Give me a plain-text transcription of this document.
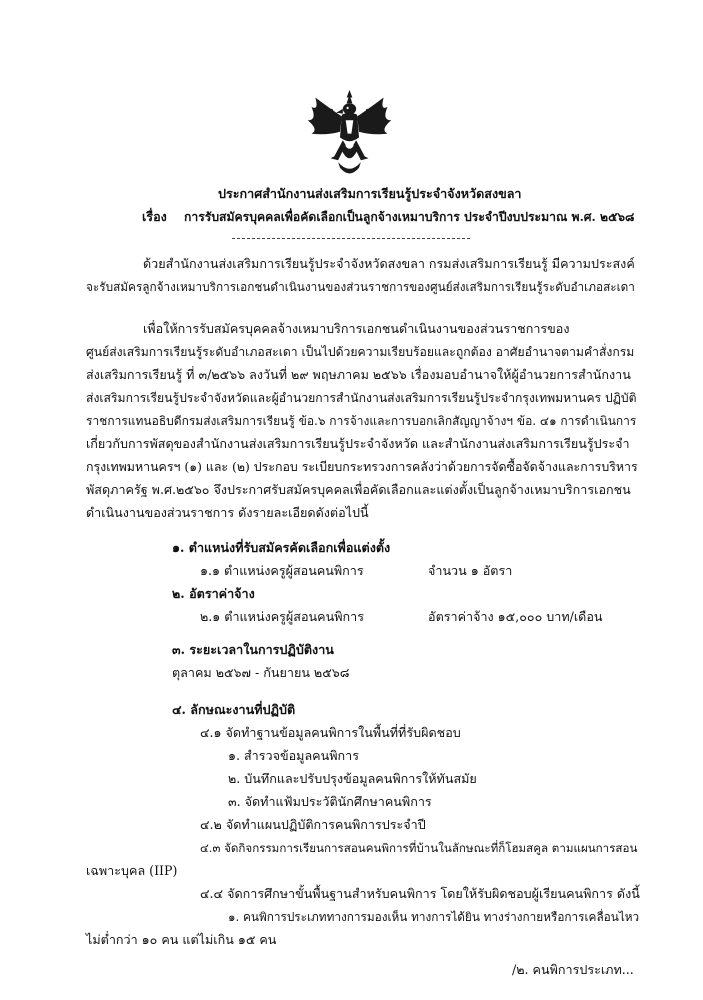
ประกาศสำนักงานส่งเสริมการเรียนรู้ประจำจังหวัดสงขลา
เรื่อง การรับสมัครบุคคลเพื่อคัดเลือกเป็นลูกจ้างเหมาบริการ ประจำปีงบประมาณ พ.ศ. ๒๕๖๘
ด้วยสำนักงานส่งเสริมการเรียนรู้ประจำจังหวัดสงขลา กรมส่งเสริมการเรียนรู้ มีความประสงค์
จะรับสมัครลูกจ้างเหมาบริการเอกชนดำเนินงานของส่วนราชการของศูนย์ส่งเสริมการเรียนรู้ระดับอำเภอสะเดา
เพื่อให้การรับสมัครบุคคลจ้างเหมาบริการเอกชนดำเนินงานของส่วนราชการของ
ศูนย์ส่งเสริมการเรียนรู้ระดับอำเภอสะเดา เป็นไปด้วยความเรียบร้อยและถูกต้อง อาศัยอำนาจตามคำสั่งกรม
ส่งเสริมการเรียนรู้ ที่ ๓/๒๕๖๖ ลงวันที่ ๒๙ พฤษภาคม ๒๕๖๖ เรื่องมอบอำนาจให้ผู้อำนวยการสำนักงาน
ส่งเสริมการเรียนรู้ประจำจังหวัดและผู้อำนวยการสำนักงานส่งเสริมการเรียนรู้ประจำกรุงเทพมหานคร ปฏิบัติ
ราชการแทนอธิบดีกรมส่งเสริมการเรียนรู้ ข้อ.๖ การจ้างและการบอกเลิกสัญญาจ้างฯ ข้อ. ๔๑ การดำเนินการ
เกี่ยวกับการพัสดุของสำนักงานส่งเสริมการเรียนรู้ประจำจังหวัด และสำนักงานส่งเสริมการเรียนรู้ประจำ
กรุงเทพมหานครฯ (๑) และ (๒) ประกอบ ระเบียบกระทรวงการคลังว่าด้วยการจัดซื้อจัดจ้างและการบริหาร
พัสดุภาครัฐ พ.ศ.๒๕๖๐ จึงประกาศรับสมัครบุคคลเพื่อคัดเลือกและแต่งตั้งเป็นลูกจ้างเหมาบริการเอกชน
ดำเนินงานของส่วนราชการ ดังรายละเอียดดังต่อไปนี้
๑. ตำแหน่งที่รับสมัครคัดเลือกเพื่อแต่งตั้ง
๑.๑ ตำแหน่งครูผู้สอนคนพิการ	จำนวน ๑ อัตรา
๒. อัตราค่าจ้าง
๒.๑ ตำแหน่งครูผู้สอนคนพิการ	อัตราค่าจ้าง ๑๕,๐๐๐ บาท/เดือน
๓. ระยะเวลาในการปฏิบัติงาน
ตุลาคม ๒๕๖๗ - กันยายน ๒๕๖๘
๔. ลักษณะงานที่ปฏิบัติ
๔.๑ จัดทำฐานข้อมูลคนพิการในพื้นที่ที่รับผิดชอบ
๑. สำรวจข้อมูลคนพิการ
๒. บันทึกและปรับปรุงข้อมูลคนพิการให้ทันสมัย
๓. จัดทำแฟ้มประวัตินักศึกษาคนพิการ
๔.๒ จัดทำแผนปฏิบัติการคนพิการประจำปี
๔.๓ จัดกิจกรรมการเรียนการสอนคนพิการที่บ้านในลักษณะที่ก็โฮมสคูล ตามแผนการสอน
เฉพาะบุคล (IIP)
๔.๔ จัดการศึกษาขั้นพื้นฐานสำหรับคนพิการ โดยให้รับผิดชอบผู้เรียนคนพิการ ดังนี้
๑. คนพิการประเภททางการมองเห็น ทางการได้ยิน ทางร่างกายหรือการเคลื่อนไหว
ไม่ต่ำกว่า ๑๐ คน แต่ไม่เกิน ๑๕ คน
/๒. คนพิการประเภท...
